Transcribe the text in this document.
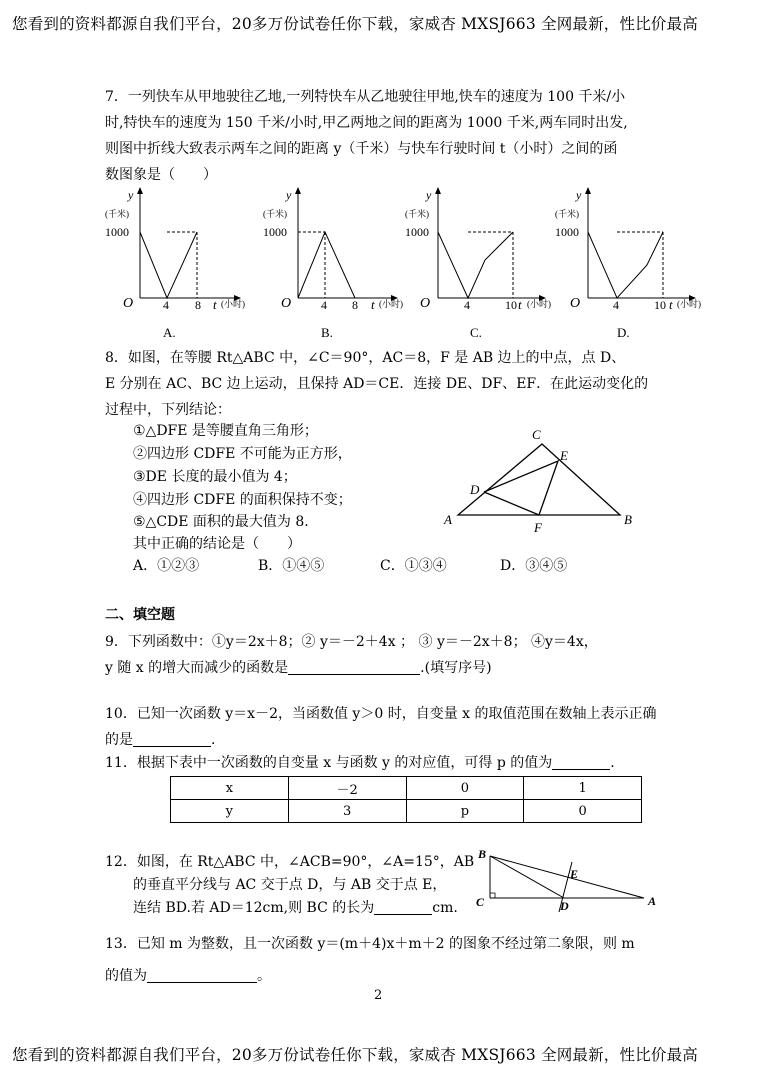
您看到的资料都源自我们平台，20多万份试卷任你下载，家威杏 MXSJ663 全网最新，性比价最高
您看到的资料都源自我们平台，20多万份试卷任你下载，家威杏 MXSJ663 全网最新，性比价最高
7．一列快车从甲地驶往乙地,一列特快车从乙地驶往甲地,快车的速度为 100 千米/小
时,特快车的速度为 150 千米/小时,甲乙两地之间的距离为 1000 千米,两车同时出发,
则图中折线大致表示两车之间的距离 y（千米）与快车行驶时间 t（小时）之间的函
数图象是（　　）
y
(千米)
1000
O 4 8 t (小时)
A.
y
(千米)
1000
O 4 8 t (小时)
B.
y
(千米)
1000
O	4	10 t (小时)
C.
y
(千米)
1000
O	4	10 t (小时)
D.
8．如图，在等腰 Rt△ABC 中，∠C＝90°，AC＝8，F 是 AB 边上的中点，点 D、
E 分别在 AC、BC 边上运动，且保持 AD＝CE．连接 DE、DF、EF．在此运动变化的
过程中，下列结论：
①△DFE 是等腰直角三角形；
②四边形 CDFE 不可能为正方形，
③DE 长度的最小值为 4；
④四边形 CDFE 的面积保持不变；
⑤△CDE 面积的最大值为 8.
其中正确的结论是（　　）
A．①②③	B．①④⑤	C．①③④	D．③④⑤
C
E
D
A
F
B
二、填空题
9．下列函数中：①y＝2x＋8；② y＝－2＋4x ； ③ y＝－2x＋8； ④y＝4x，
y 随 x 的增大而减少的函数是	.(填写序号)
10．已知一次函数 y＝x－2，当函数值 y＞0 时，自变量 x 的取值范围在数轴上表示正确
的是	.
11．根据下表中一次函数的自变量 x 与函数 y 的对应值，可得 p 的值为	.
x	－2	0	1
y	3	p	0
12．如图，在 Rt△ABC 中，∠ACB=90°，∠A=15°，AB
的垂直平分线与 AC 交于点 D，与 AB 交于点 E，
连结 BD.若 AD＝12cm,则 BC 的长为	cm.
B
E
C	D	A
13．已知 m 为整数，且一次函数 y＝(m＋4)x＋m＋2 的图象不经过第二象限，则 m
的值为	。
2
